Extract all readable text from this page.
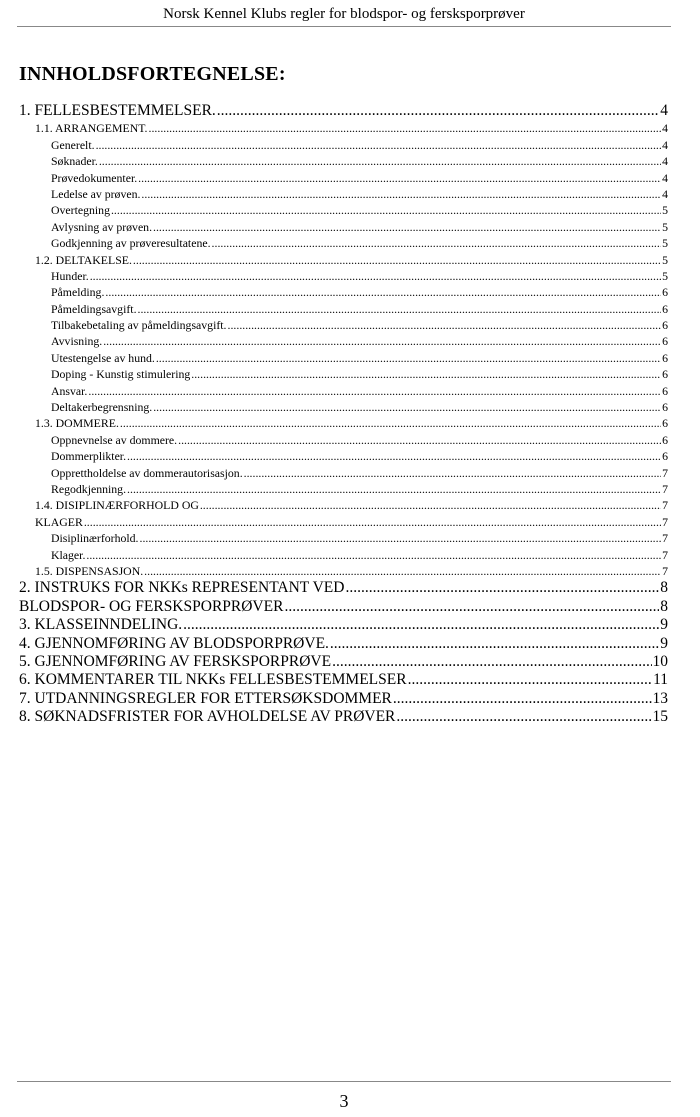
Norsk Kennel Klubs regler for blodspor- og fersksporprøver
INNHOLDSFORTEGNELSE:
1. FELLESBESTEMMELSER. .....	4
1.1. ARRANGEMENT. .....	4
Generelt. .....	4
Søknader. .....	4
Prøvedokumenter. .....	4
Ledelse av prøven. .....	4
Overtegning .....	5
Avlysning av prøven. .....	5
Godkjenning av prøveresultatene. .....	5
1.2. DELTAKELSE. .....	5
Hunder. .....	5
Påmelding. .....	6
Påmeldingsavgift. .....	6
Tilbakebetaling av påmeldingsavgift. .....	6
Avvisning. .....	6
Utestengelse av hund. .....	6
Doping - Kunstig stimulering .....	6
Ansvar. .....	6
Deltakerbegrensning. .....	6
1.3. DOMMERE. .....	6
Oppnevnelse av dommere. .....	6
Dommerplikter. .....	6
Opprettholdelse av dommerautorisasjon. .....	7
Regodkjenning. .....	7
1.4. DISIPLINÆRFORHOLD OG .....	7
KLAGER .....	7
Disiplinærforhold. .....	7
Klager. .....	7
1.5. DISPENSASJON. .....	7
2. INSTRUKS FOR NKKs REPRESENTANT VED .....	8
BLODSPOR- OG FERSKSPORPRØVER .....	8
3. KLASSEINNDELING. .....	9
4. GJENNOMFØRING AV BLODSPORPRØVE. .....	9
5. GJENNOMFØRING AV FERSKSPORPRØVE .....	10
6. KOMMENTARER TIL NKKs FELLESBESTEMMELSER .....	11
7. UTDANNINGSREGLER FOR ETTERSØKSDOMMER .....	13
8. SØKNADSFRISTER FOR AVHOLDELSE AV PRØVER .....	15
3
